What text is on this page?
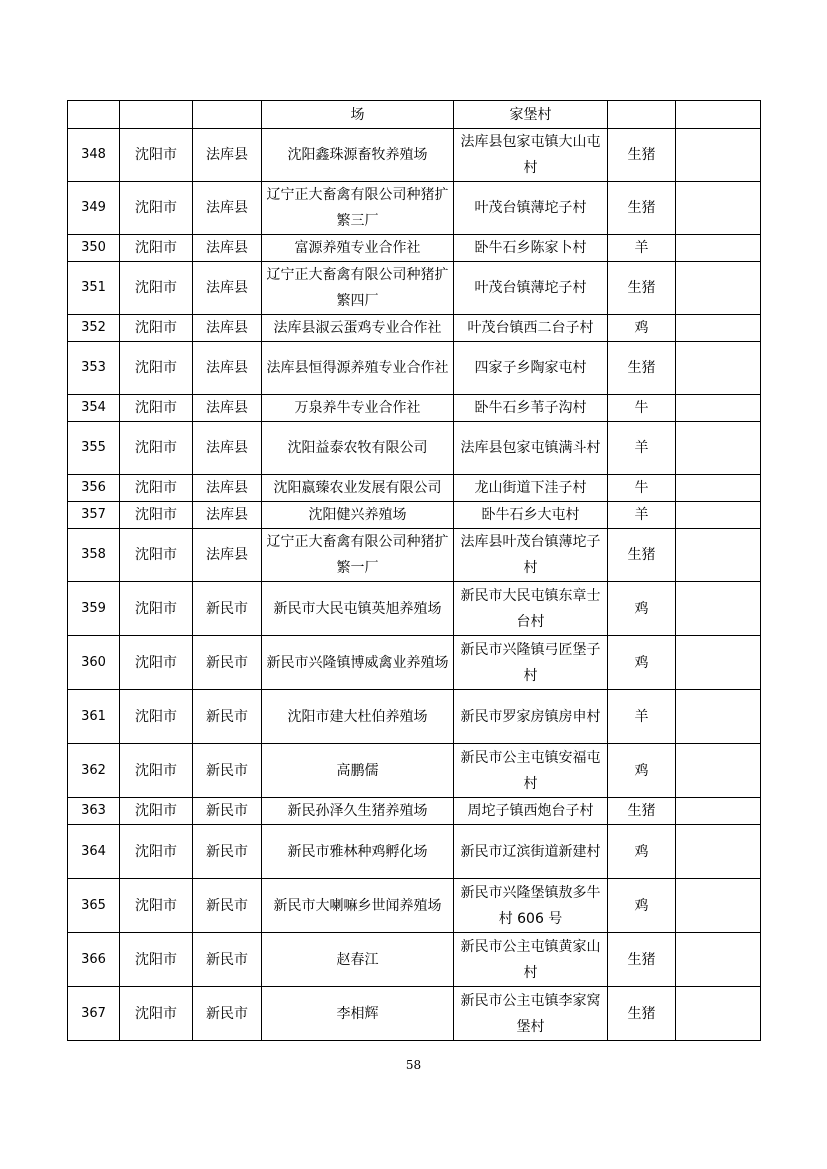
			场	家堡村		
348	沈阳市	法库县	沈阳鑫珠源畜牧养殖场	法库县包家屯镇大山屯村	生猪	
349	沈阳市	法库县	辽宁正大畜禽有限公司种猪扩繁三厂	叶茂台镇薄坨子村	生猪	
350	沈阳市	法库县	富源养殖专业合作社	卧牛石乡陈家卜村	羊	
351	沈阳市	法库县	辽宁正大畜禽有限公司种猪扩繁四厂	叶茂台镇薄坨子村	生猪	
352	沈阳市	法库县	法库县淑云蛋鸡专业合作社	叶茂台镇西二台子村	鸡	
353	沈阳市	法库县	法库县恒得源养殖专业合作社	四家子乡陶家屯村	生猪	
354	沈阳市	法库县	万泉养牛专业合作社	卧牛石乡苇子沟村	牛	
355	沈阳市	法库县	沈阳益泰农牧有限公司	法库县包家屯镇满斗村	羊	
356	沈阳市	法库县	沈阳嬴臻农业发展有限公司	龙山街道下洼子村	牛	
357	沈阳市	法库县	沈阳健兴养殖场	卧牛石乡大屯村	羊	
358	沈阳市	法库县	辽宁正大畜禽有限公司种猪扩繁一厂	法库县叶茂台镇薄坨子村	生猪	
359	沈阳市	新民市	新民市大民屯镇英旭养殖场	新民市大民屯镇东章士台村	鸡	
360	沈阳市	新民市	新民市兴隆镇博威禽业养殖场	新民市兴隆镇弓匠堡子村	鸡	
361	沈阳市	新民市	沈阳市建大杜伯养殖场	新民市罗家房镇房申村	羊	
362	沈阳市	新民市	高鹏儒	新民市公主屯镇安福屯村	鸡	
363	沈阳市	新民市	新民孙泽久生猪养殖场	周坨子镇西炮台子村	生猪	
364	沈阳市	新民市	新民市雅林种鸡孵化场	新民市辽滨街道新建村	鸡	
365	沈阳市	新民市	新民市大喇嘛乡世闻养殖场	新民市兴隆堡镇敖多牛村 606 号	鸡	
366	沈阳市	新民市	赵春江	新民市公主屯镇黄家山村	生猪	
367	沈阳市	新民市	李相辉	新民市公主屯镇李家窝堡村	生猪	
58
